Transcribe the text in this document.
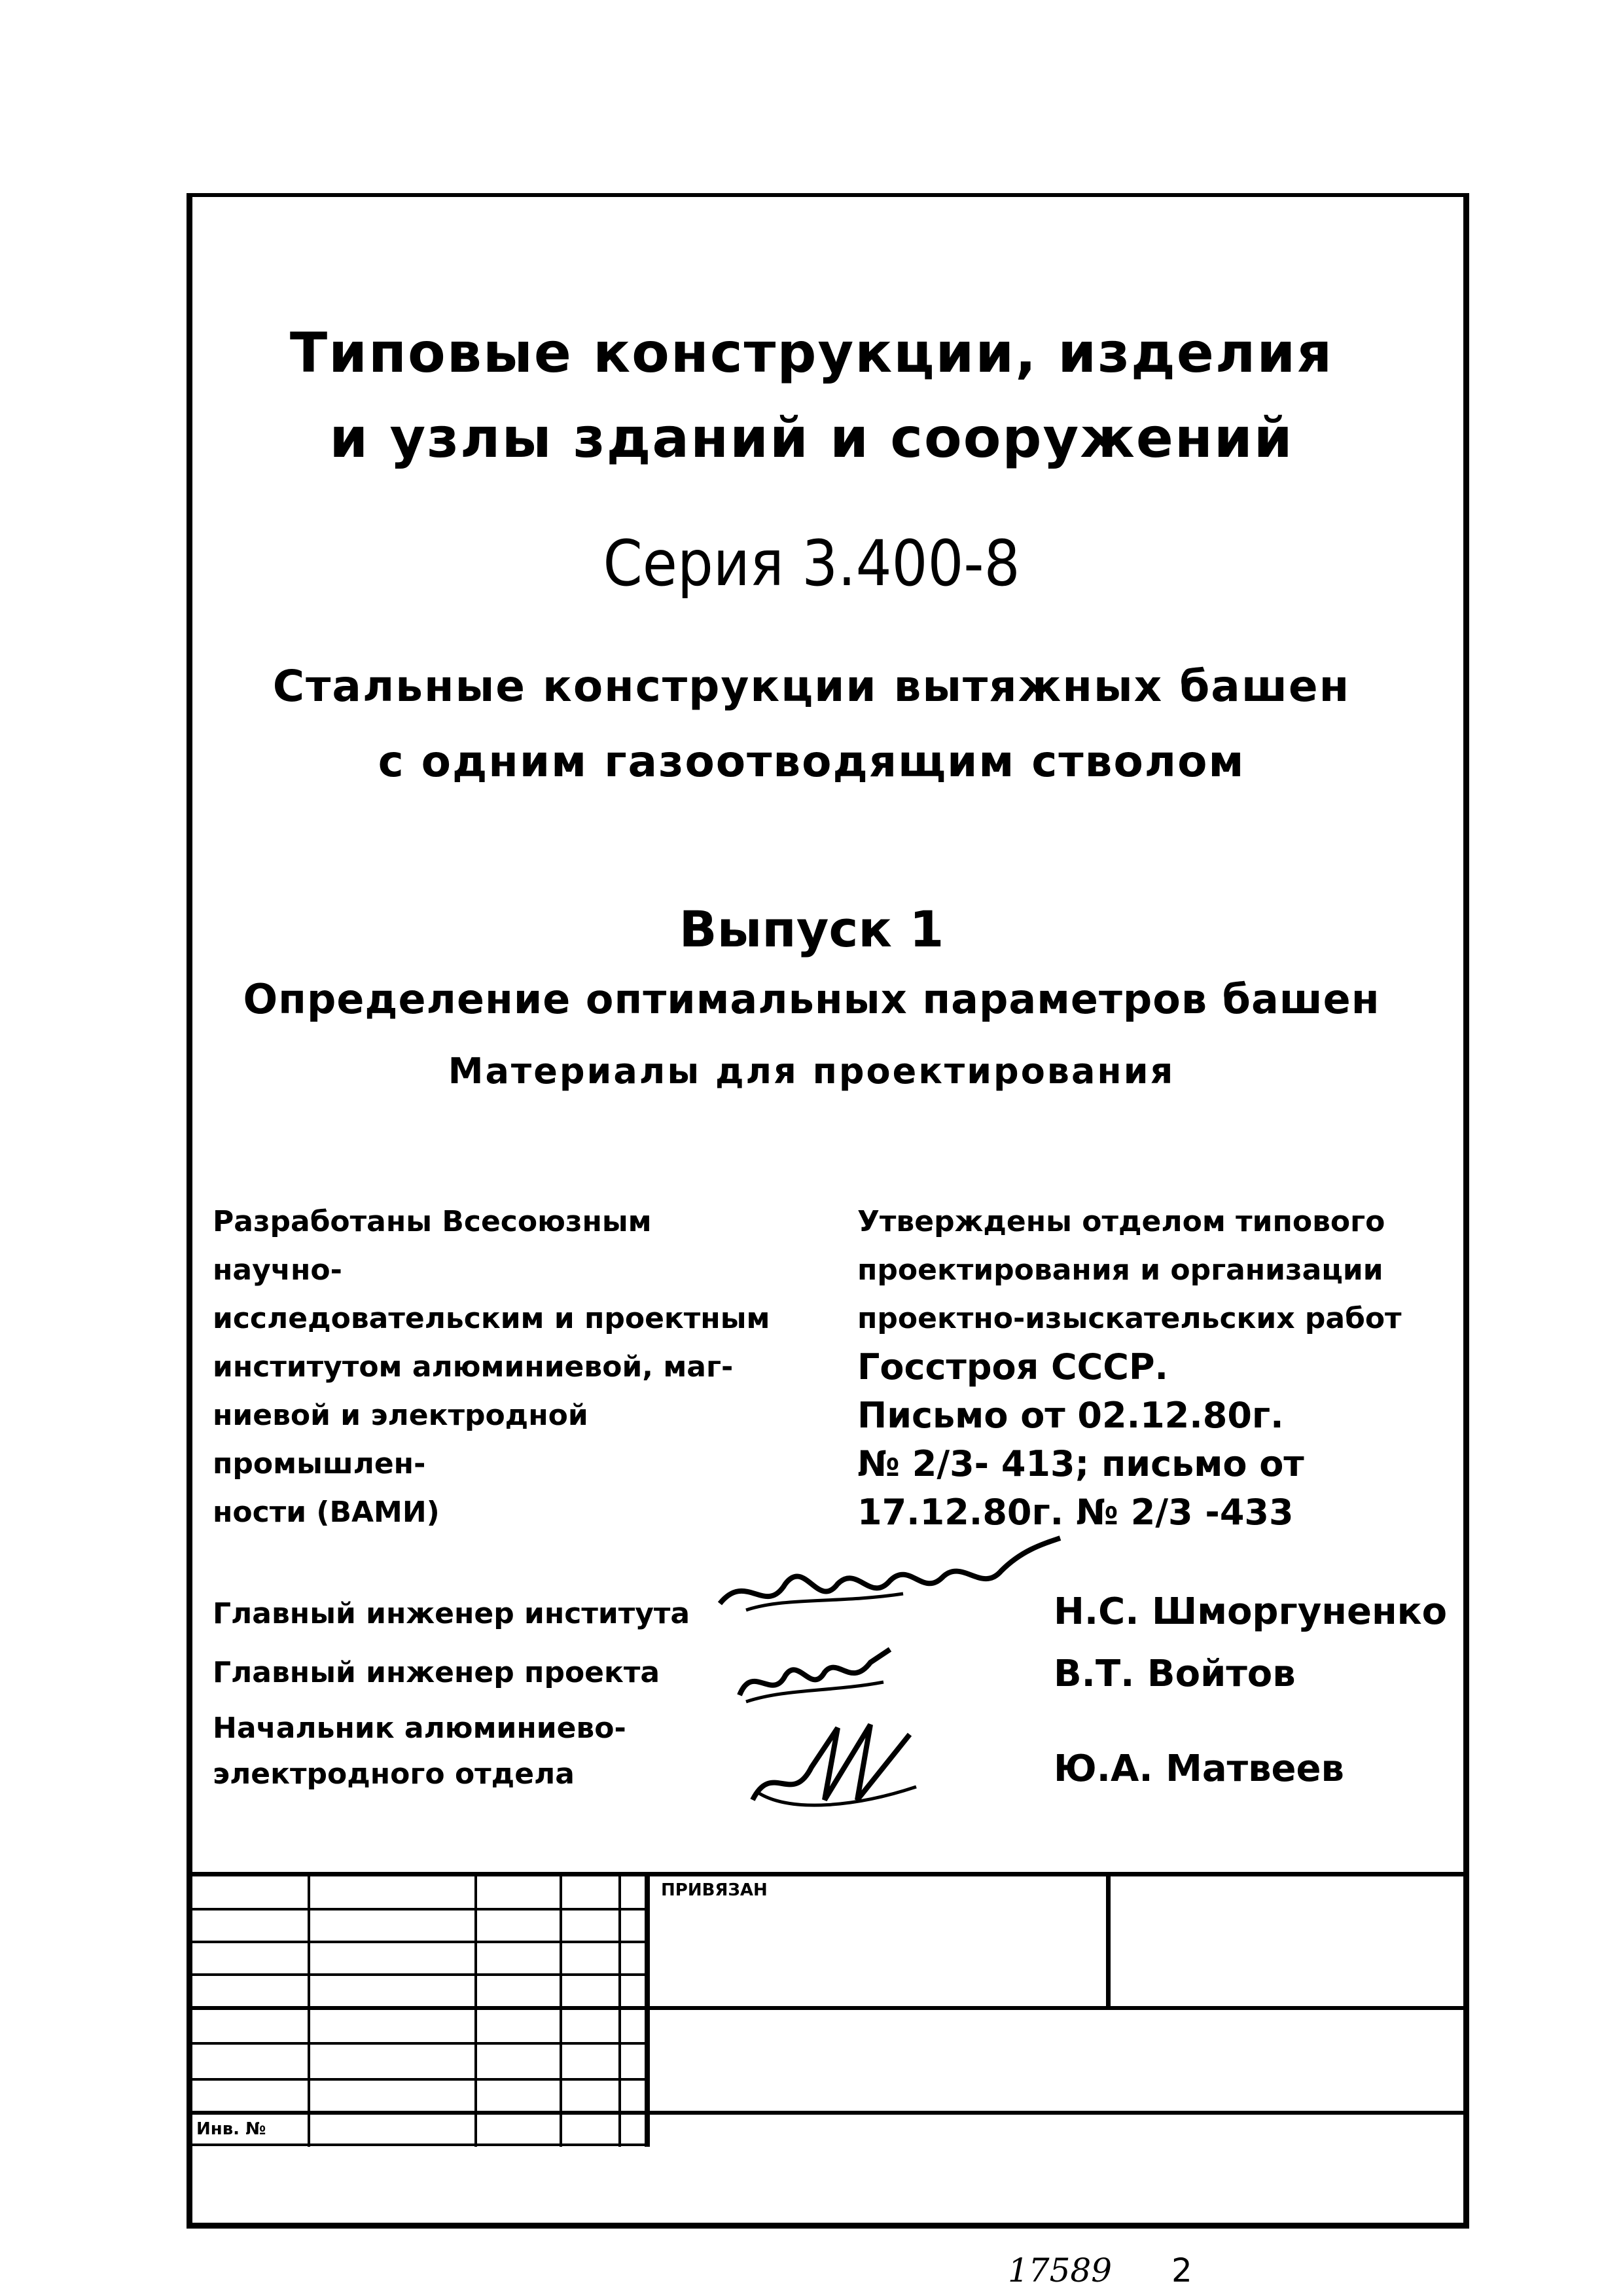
Типовые конструкции, изделия
и узлы зданий и сооружений
Серия 3.400-8
Стальные конструкции вытяжных башен
с одним газоотводящим стволом
Выпуск 1
Определение оптимальных параметров башен
Материалы для проектирования
Разработаны Всесоюзным научно-
исследовательским и проектным
институтом алюминиевой, маг-
ниевой и электродной промышлен-
ности (ВАМИ)
Утверждены отделом типового
проектирования и организации
проектно-изыскательских работ
Госстроя СССР.
Письмо от 02.12.80г.
№ 2/3- 413; письмо от
17.12.80г. № 2/3 -433
Главный инженер института	Н.С. Шморгуненко
Главный инженер проекта	В.Т. Войтов
Начальник алюминиево-
электродного отдела	Ю.А. Матвеев
ПРИВЯЗАН
Инв. №
17589 2
